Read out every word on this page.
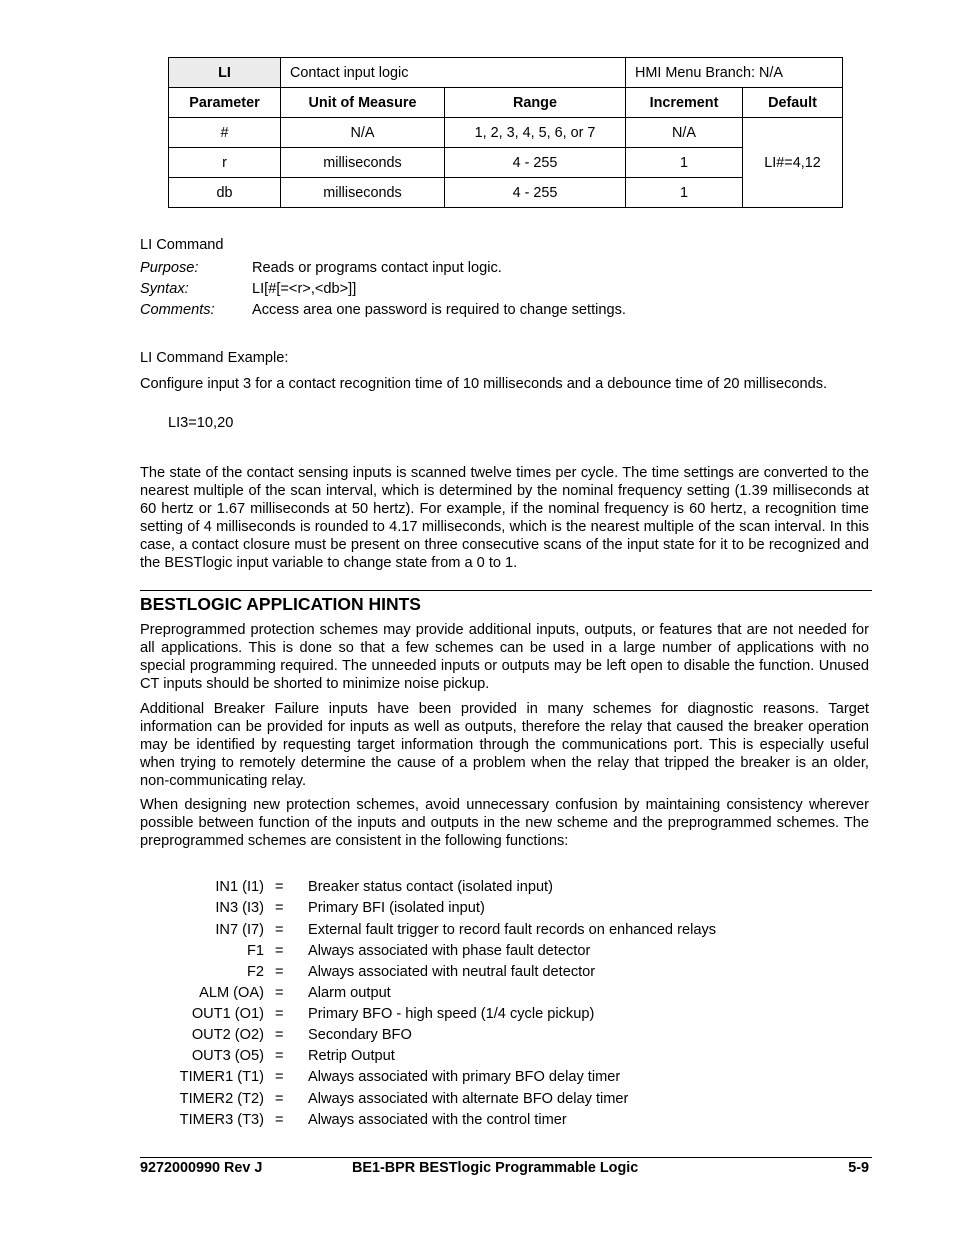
LI	Contact input logic		HMI Menu Branch: N/A	
Parameter	Unit of Measure	Range	Increment	Default
#	N/A	1, 2, 3, 4, 5, 6, or 7	N/A	LI#=4,12
r	milliseconds	4 - 255	1	
db	milliseconds	4 - 255	1	
LI Command
Purpose:	Reads or programs contact input logic.
Syntax:	LI[#[=<r>,<db>]]
Comments:	Access area one password is required to change settings.
LI Command Example:
Configure input 3 for a contact recognition time of 10 milliseconds and a debounce time of 20 milliseconds.
LI3=10,20
The state of the contact sensing inputs is scanned twelve times per cycle. The time settings are converted to the nearest multiple of the scan interval, which is determined by the nominal frequency setting (1.39 milliseconds at 60 hertz or 1.67 milliseconds at 50 hertz). For example, if the nominal frequency is 60 hertz, a recognition time setting of 4 milliseconds is rounded to 4.17 milliseconds, which is the nearest multiple of the scan interval. In this case, a contact closure must be present on three consecutive scans of the input state for it to be recognized and the BESTlogic input variable to change state from a 0 to 1.
BESTLOGIC APPLICATION HINTS
Preprogrammed protection schemes may provide additional inputs, outputs, or features that are not needed for all applications. This is done so that a few schemes can be used in a large number of applications with no special programming required. The unneeded inputs or outputs may be left open to disable the function. Unused CT inputs should be shorted to minimize noise pickup.
Additional Breaker Failure inputs have been provided in many schemes for diagnostic reasons. Target information can be provided for inputs as well as outputs, therefore the relay that caused the breaker operation may be identified by requesting target information through the communications port. This is especially useful when trying to remotely determine the cause of a problem when the relay that tripped the breaker is an older, non-communicating relay.
When designing new protection schemes, avoid unnecessary confusion by maintaining consistency wherever possible between function of the inputs and outputs in the new scheme and the preprogrammed schemes. The preprogrammed schemes are consistent in the following functions:
IN1 (I1) = Breaker status contact (isolated input)
IN3 (I3) = Primary BFI (isolated input)
IN7 (I7) = External fault trigger to record fault records on enhanced relays
F1 = Always associated with phase fault detector
F2 = Always associated with neutral fault detector
ALM (OA) = Alarm output
OUT1 (O1) = Primary BFO - high speed (1/4 cycle pickup)
OUT2 (O2) = Secondary BFO
OUT3 (O5) = Retrip Output
TIMER1 (T1) = Always associated with primary BFO delay timer
TIMER2 (T2) = Always associated with alternate BFO delay timer
TIMER3 (T3) = Always associated with the control timer
9272000990 Rev J	BE1-BPR BESTlogic Programmable Logic	5-9
